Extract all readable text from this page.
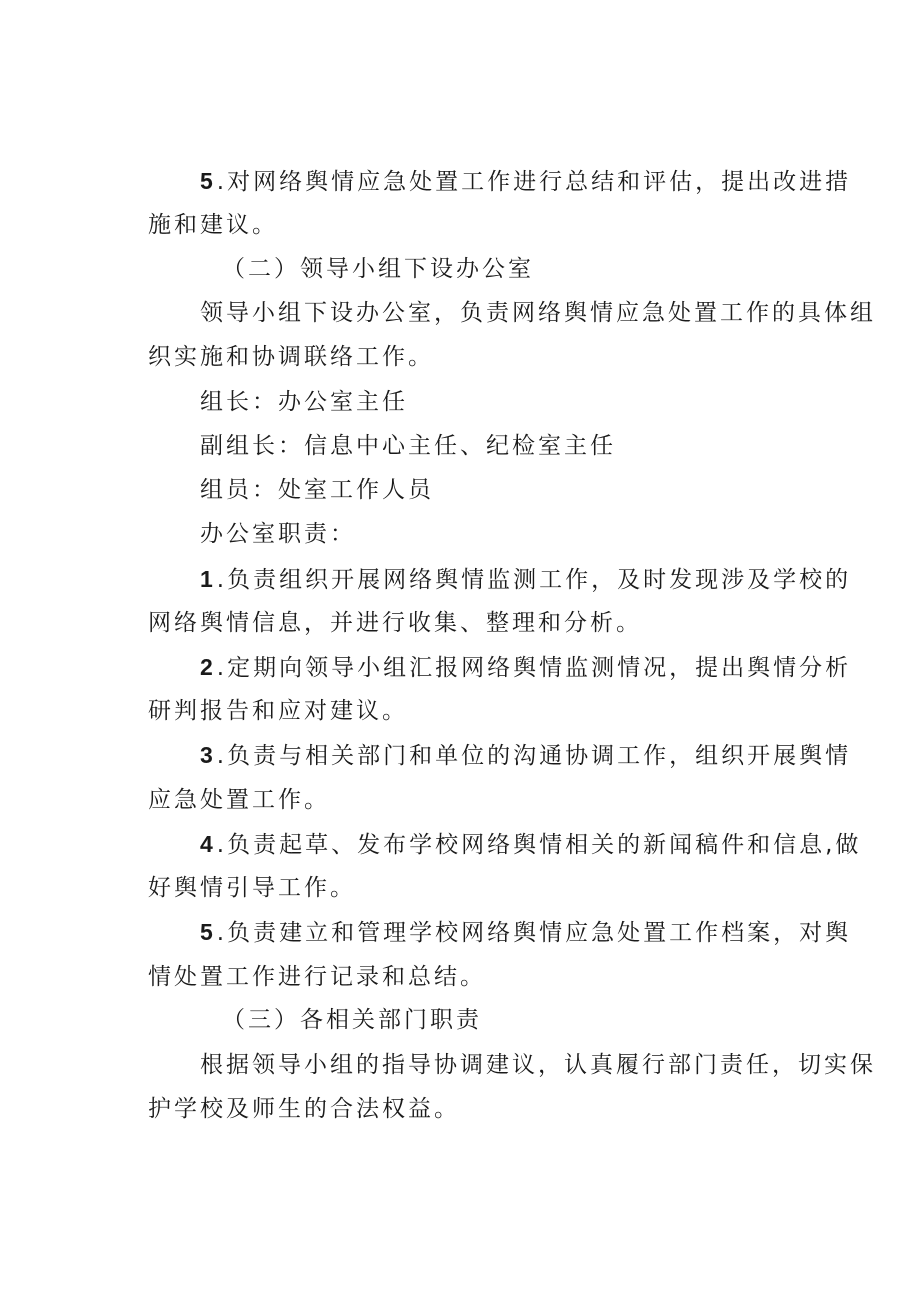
5 .对网络舆情应急处置工作进行总结和评估，提出改进措
施和建议。
（二）领导小组下设办公室
领导小组下设办公室，负责网络舆情应急处置工作的具体组
织实施和协调联络工作。
组长：办公室主任
副组长：信息中心主任、纪检室主任
组员：处室工作人员
办公室职责：
1 .负责组织开展网络舆情监测工作，及时发现涉及学校的
网络舆情信息，并进行收集、整理和分析。
2 .定期向领导小组汇报网络舆情监测情况，提出舆情分析
研判报告和应对建议。
3 .负责与相关部门和单位的沟通协调工作，组织开展舆情
应急处置工作。
4 .负责起草、发布学校网络舆情相关的新闻稿件和信息,做
好舆情引导工作。
5 .负责建立和管理学校网络舆情应急处置工作档案，对舆
情处置工作进行记录和总结。
（三）各相关部门职责
根据领导小组的指导协调建议，认真履行部门责任，切实保
护学校及师生的合法权益。
